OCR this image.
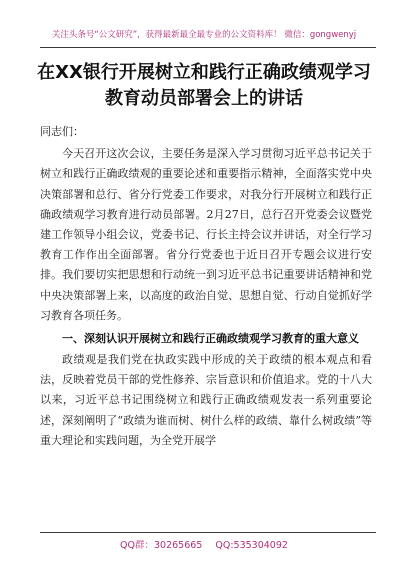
关注头条号“公文研究”，获得最新最全最专业的公文资料库！ 微信：gongwenyj
在XX银行开展树立和践行正确政绩观学习教育动员部署会上的讲话

同志们：

今天召开这次会议，主要任务是深入学习贯彻习近平总书记关于树立和践行正确政绩观的重要论述和重要指示精神，全面落实党中央决策部署和总行、省分行党委工作要求，对我分行开展树立和践行正确政绩观学习教育进行动员部署。2月27日，总行召开党委会议暨党建工作领导小组会议，党委书记、行长主持会议并讲话，对全行学习教育工作作出全面部署。省分行党委也于近日召开专题会议进行安排。我们要切实把思想和行动统一到习近平总书记重要讲话精神和党中央决策部署上来，以高度的政治自觉、思想自觉、行动自觉抓好学习教育各项任务。

一、深刻认识开展树立和践行正确政绩观学习教育的重大意义

政绩观是我们党在执政实践中形成的关于政绩的根本观点和看法，反映着党员干部的党性修养、宗旨意识和价值追求。党的十八大以来，习近平总书记围绕树立和践行正确政绩观发表一系列重要论述，深刻阐明了“政绩为谁而树、树什么样的政绩、靠什么树政绩”等重大理论和实践问题，为全党开展学

QQ群：30265665 QQ:535304092
